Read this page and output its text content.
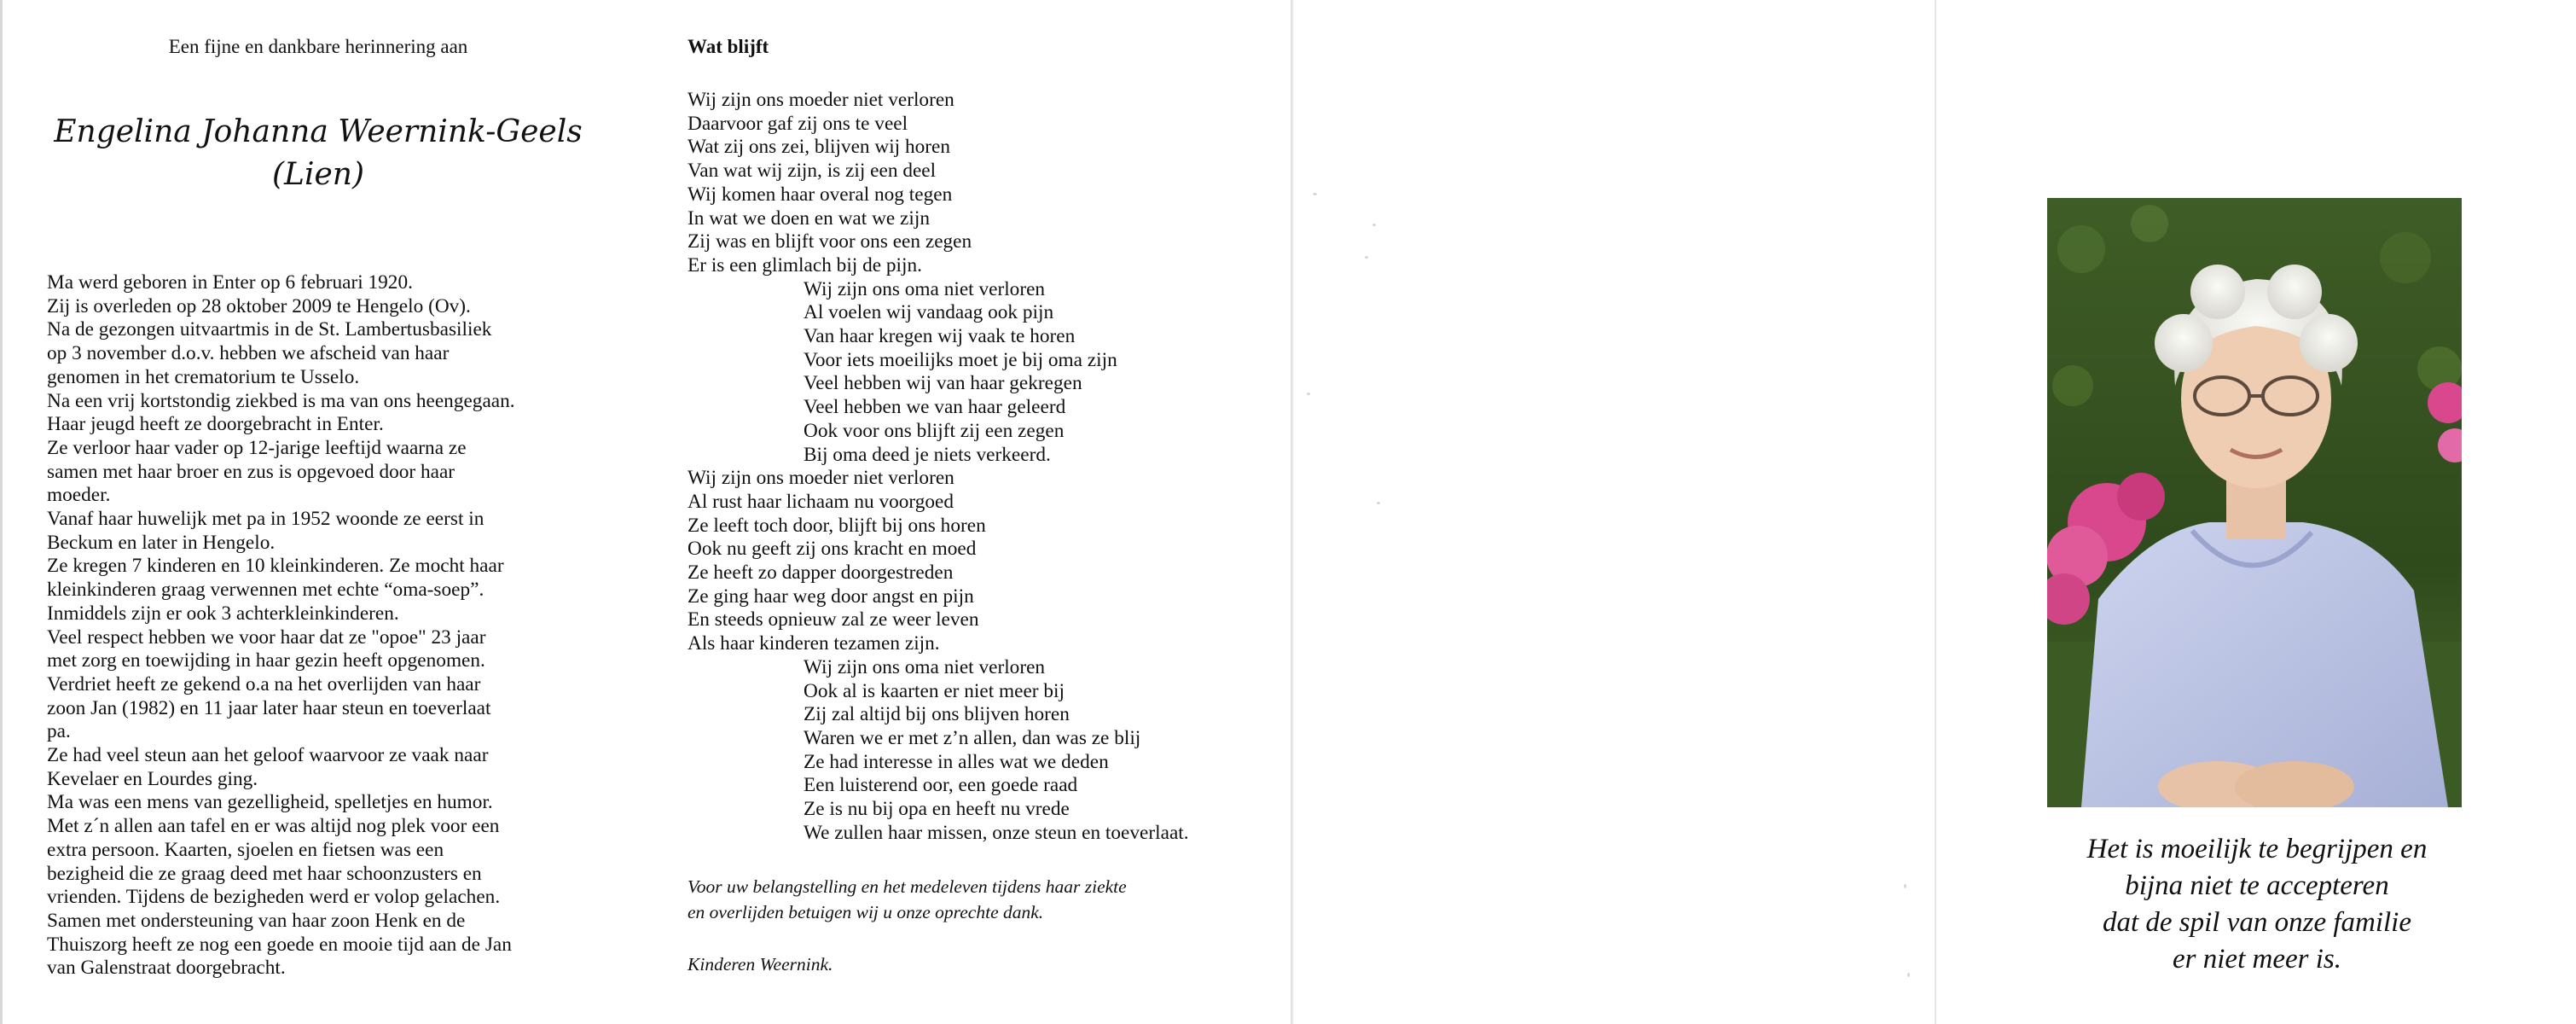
Een fijne en dankbare herinnering aan
Engelina Johanna Weernink-Geels
(Lien)
Ma werd geboren in Enter op 6 februari 1920.
Zij is overleden op 28 oktober 2009 te Hengelo (Ov).
Na de gezongen uitvaartmis in de St. Lambertusbasiliek
op 3 november d.o.v. hebben we afscheid van haar
genomen in het crematorium te Usselo.
Na een vrij kortstondig ziekbed is ma van ons heengegaan.
Haar jeugd heeft ze doorgebracht in Enter.
Ze verloor haar vader op 12-jarige leeftijd waarna ze
samen met haar broer en zus is opgevoed door haar
moeder.
Vanaf haar huwelijk met pa in 1952 woonde ze eerst in
Beckum en later in Hengelo.
Ze kregen 7 kinderen en 10 kleinkinderen. Ze mocht haar
kleinkinderen graag verwennen met echte “oma-soep”.
Inmiddels zijn er ook 3 achterkleinkinderen.
Veel respect hebben we voor haar dat ze "opoe" 23 jaar
met zorg en toewijding in haar gezin heeft opgenomen.
Verdriet heeft ze gekend o.a na het overlijden van haar
zoon Jan (1982) en 11 jaar later haar steun en toeverlaat
pa.
Ze had veel steun aan het geloof waarvoor ze vaak naar
Kevelaer en Lourdes ging.
Ma was een mens van gezelligheid, spelletjes en humor.
Met z´n allen aan tafel en er was altijd nog plek voor een
extra persoon. Kaarten, sjoelen en fietsen was een
bezigheid die ze graag deed met haar schoonzusters en
vrienden. Tijdens de bezigheden werd er volop gelachen.
Samen met ondersteuning van haar zoon Henk en de
Thuiszorg heeft ze nog een goede en mooie tijd aan de Jan
van Galenstraat doorgebracht.
Wat blijft
Wij zijn ons moeder niet verloren
Daarvoor gaf zij ons te veel
Wat zij ons zei, blijven wij horen
Van wat wij zijn, is zij een deel
Wij komen haar overal nog tegen
In wat we doen en wat we zijn
Zij was en blijft voor ons een zegen
Er is een glimlach bij de pijn.
Wij zijn ons oma niet verloren
Al voelen wij vandaag ook pijn
Van haar kregen wij vaak te horen
Voor iets moeilijks moet je bij oma zijn
Veel hebben wij van haar gekregen
Veel hebben we van haar geleerd
Ook voor ons blijft zij een zegen
Bij oma deed je niets verkeerd.
Wij zijn ons moeder niet verloren
Al rust haar lichaam nu voorgoed
Ze leeft toch door, blijft bij ons horen
Ook nu geeft zij ons kracht en moed
Ze heeft zo dapper doorgestreden
Ze ging haar weg door angst en pijn
En steeds opnieuw zal ze weer leven
Als haar kinderen tezamen zijn.
Wij zijn ons oma niet verloren
Ook al is kaarten er niet meer bij
Zij zal altijd bij ons blijven horen
Waren we er met z’n allen, dan was ze blij
Ze had interesse in alles wat we deden
Een luisterend oor, een goede raad
Ze is nu bij opa en heeft nu vrede
We zullen haar missen, onze steun en toeverlaat.
Voor uw belangstelling en het medeleven tijdens haar ziekte
en overlijden betuigen wij u onze oprechte dank.
Kinderen Weernink.
Het is moeilijk te begrijpen en
bijna niet te accepteren
dat de spil van onze familie
er niet meer is.
